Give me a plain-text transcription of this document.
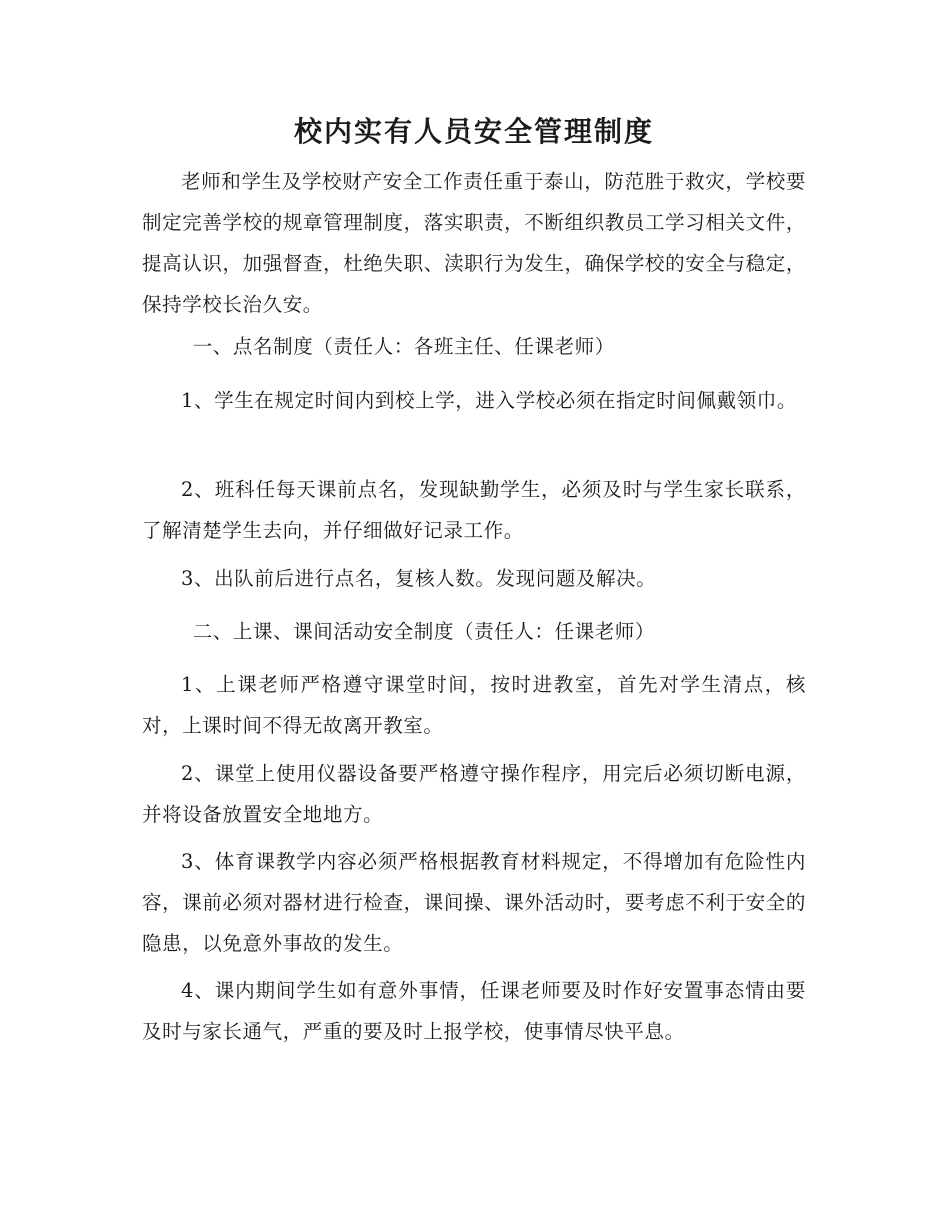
校内实有人员安全管理制度

老师和学生及学校财产安全工作责任重于泰山，防范胜于救灾，学校要制定完善学校的规章管理制度，落实职责，不断组织教员工学习相关文件，提高认识，加强督查，杜绝失职、渎职行为发生，确保学校的安全与稳定，保持学校长治久安。

一、点名制度（责任人：各班主任、任课老师）

1、学生在规定时间内到校上学，进入学校必须在指定时间佩戴领巾。

2、班科任每天课前点名，发现缺勤学生，必须及时与学生家长联系，了解清楚学生去向，并仔细做好记录工作。

3、出队前后进行点名，复核人数。发现问题及解决。

二、上课、课间活动安全制度（责任人：任课老师）

1、上课老师严格遵守课堂时间，按时进教室，首先对学生清点，核对，上课时间不得无故离开教室。

2、课堂上使用仪器设备要严格遵守操作程序，用完后必须切断电源，并将设备放置安全地地方。

3、体育课教学内容必须严格根据教育材料规定，不得增加有危险性内容，课前必须对器材进行检查，课间操、课外活动时，要考虑不利于安全的隐患，以免意外事故的发生。

4、课内期间学生如有意外事情，任课老师要及时作好安置事态情由要及时与家长通气，严重的要及时上报学校，使事情尽快平息。
